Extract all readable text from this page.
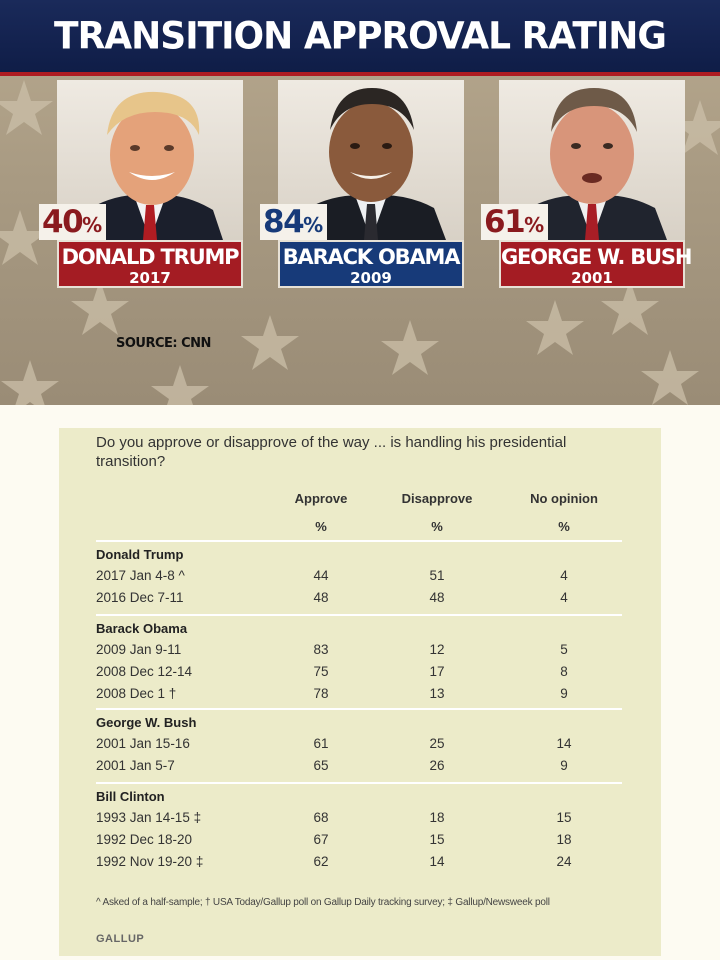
TRANSITION APPROVAL RATING
40%
DONALD TRUMP
2017
84%
BARACK OBAMA
2009
61%
GEORGE W. BUSH
2001
SOURCE: CNN
Do you approve or disapprove of the way ... is handling his presidential transition?
Approve	Disapprove	No opinion
%	%	%
Donald Trump
2017 Jan 4-8 ^	44	51	4
2016 Dec 7-11	48	48	4
Barack Obama
2009 Jan 9-11	83	12	5
2008 Dec 12-14	75	17	8
2008 Dec 1 †	78	13	9
George W. Bush
2001 Jan 15-16	61	25	14
2001 Jan 5-7	65	26	9
Bill Clinton
1993 Jan 14-15 ‡	68	18	15
1992 Dec 18-20	67	15	18
1992 Nov 19-20 ‡	62	14	24
^ Asked of a half-sample; † USA Today/Gallup poll on Gallup Daily tracking survey; ‡ Gallup/Newsweek poll
GALLUP
